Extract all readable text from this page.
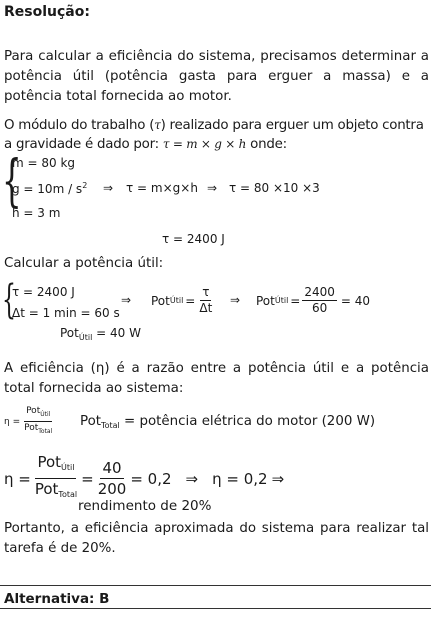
Resolução:
Para calcular a eficiência do sistema, precisamos determinar a potência útil (potência gasta para erguer a massa) e a potência total fornecida ao motor.
O módulo do trabalho (τ) realizado para erguer um objeto contra a gravidade é dado por: τ = m × g × h onde:
{
m = 80 kg
$g = 10m / s^2$
h = 3 m
⇒ τ = m×g×h ⇒ τ = 80 ×10 ×3
τ = 2400 J
Calcular a potência útil:
{
τ = 2400 J
Δt = 1 min = 60 s
⇒ Pot Útil = $\frac{\tau}{\Delta t}$ ⇒ Pot Útil = $\frac{2400}{60} = 40$
Pot$_{Útil}$ = 40 W
A eficiência (η) é a razão entre a potência útil e a potência total fornecida ao sistema:
$\eta = \frac{Pot_{Útil}}{Pot_{Total}} Pot_{Total}$ = potência elétrica do motor (200 W)
$\eta = \frac{Pot_{Útil}}{Pot_{Total}} = \frac{40}{200} = 0,2$ ⇒ η = 0,2 ⇒
rendimento de 20%
Portanto, a eficiência aproximada do sistema para realizar tal tarefa é de 20%.
Alternativa: B
